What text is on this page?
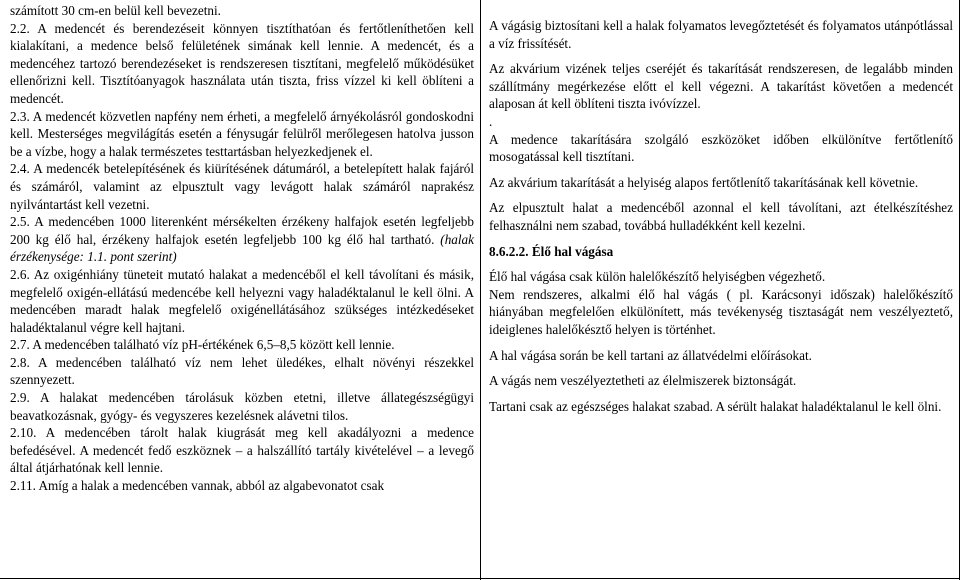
számított 30 cm-en belül kell bevezetni.

2.2. A medencét és berendezéseit könnyen tisztíthatóan és fertőtleníthetően kell kialakítani, a medence belső felületének simának kell lennie. A medencét, és a medencéhez tartozó berendezéseket is rendszeresen tisztítani, megfelelő működésüket ellenőrizni kell. Tisztítóanyagok használata után tiszta, friss vízzel ki kell öblíteni a medencét.

2.3. A medencét közvetlen napfény nem érheti, a megfelelő árnyékolásról gondoskodni kell. Mesterséges megvilágítás esetén a fénysugár felülről merőlegesen hatolva jusson be a vízbe, hogy a halak természetes testtartásban helyezkedjenek el.

2.4. A medencék betelepítésének és kiürítésének dátumáról, a betelepített halak fajáról és számáról, valamint az elpusztult vagy levágott halak számáról naprakész nyilvántartást kell vezetni.

2.5. A medencében 1000 literenként mérsékelten érzékeny halfajok esetén legfeljebb 200 kg élő hal, érzékeny halfajok esetén legfeljebb 100 kg élő hal tartható. (halak érzékenysége: 1.1. pont szerint)

2.6. Az oxigénhiány tüneteit mutató halakat a medencéből el kell távolítani és másik, megfelelő oxigén-ellátású medencébe kell helyezni vagy haladéktalanul le kell ölni. A medencében maradt halak megfelelő oxigénellátásához szükséges intézkedéseket haladéktalanul végre kell hajtani.

2.7. A medencében található víz pH-értékének 6,5–8,5 között kell lennie.

2.8. A medencében található víz nem lehet üledékes, elhalt növényi részekkel szennyezett.

2.9. A halakat medencében tárolásuk közben etetni, illetve állategészségügyi beavatkozásnak, gyógy- és vegyszeres kezelésnek alávetni tilos.

2.10. A medencében tárolt halak kiugrását meg kell akadályozni a medence befedésével. A medencét fedő eszköznek – a halszállító tartály kivételével – a levegő által átjárhatónak kell lennie.

2.11. Amíg a halak a medencében vannak, abból az algabevonatot csak

A vágásig biztosítani kell a halak folyamatos levegőztetését és folyamatos utánpótlással a víz frissítését.

Az akvárium vizének teljes cseréjét és takarítását rendszeresen, de legalább minden szállítmány megérkezése előtt el kell végezni. A takarítást követően a medencét alaposan át kell öblíteni tiszta ivóvízzel.

.

A medence takarítására szolgáló eszközöket időben elkülönítve fertőtlenítő mosogatással kell tisztítani.

Az akvárium takarítását a helyiség alapos fertőtlenítő takarításának kell követnie.

Az elpusztult halat a medencéből azonnal el kell távolítani, azt ételkészítéshez felhasználni nem szabad, továbbá hulladékként kell kezelni.

8.6.2.2. Élő hal vágása

Élő hal vágása csak külön halelőkészítő helyiségben végezhető.

Nem rendszeres, alkalmi élő hal vágás ( pl. Karácsonyi időszak) halelőkészítő hiányában megfelelően elkülönített, más tevékenység tisztaságát nem veszélyeztető, ideiglenes halelőkésztő helyen is történhet.

A hal vágása során be kell tartani az állatvédelmi előírásokat.

A vágás nem veszélyeztetheti az élelmiszerek biztonságát.

Tartani csak az egészséges halakat szabad. A sérült halakat haladéktalanul le kell ölni.
